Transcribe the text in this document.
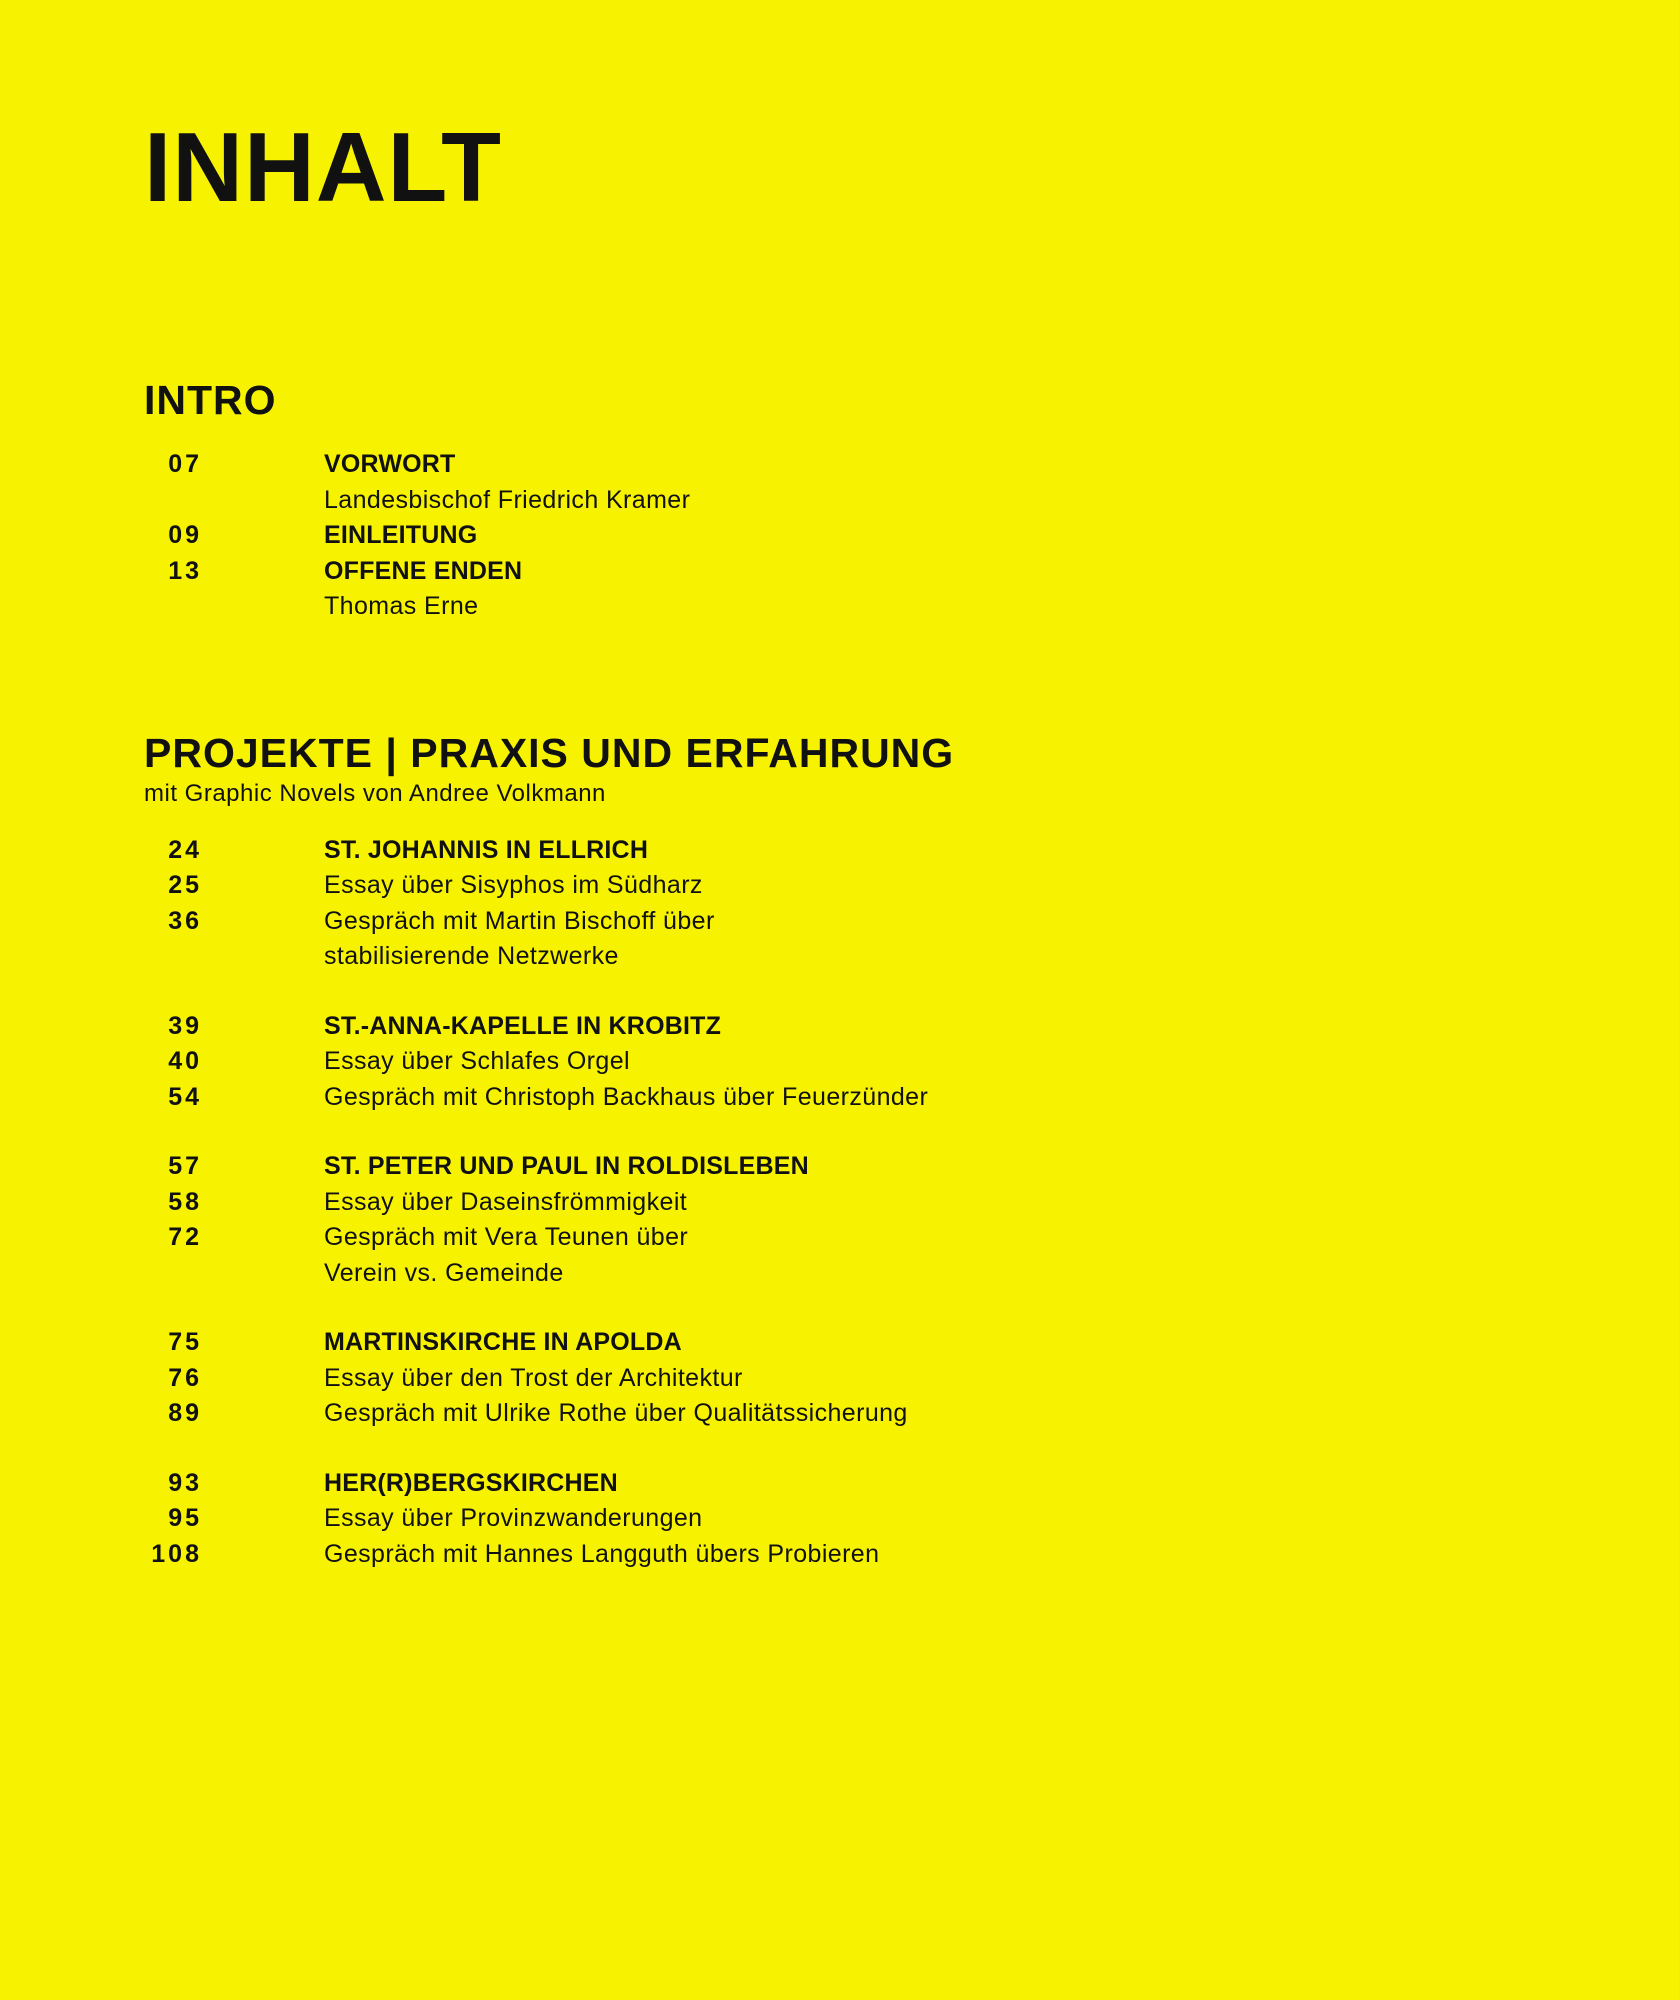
INHALT
INTRO
07	VORWORT
Landesbischof Friedrich Kramer
09	EINLEITUNG
13	OFFENE ENDEN
Thomas Erne
PROJEKTE | PRAXIS UND ERFAHRUNG

mit Graphic Novels von Andree Volkmann

24	ST. JOHANNIS IN ELLRICH
25	Essay über Sisyphos im Südharz
36	Gespräch mit Martin Bischoff über
stabilisierende Netzwerke
39	ST.-ANNA-KAPELLE IN KROBITZ
40	Essay über Schlafes Orgel
54	Gespräch mit Christoph Backhaus über Feuerzünder
57	ST. PETER UND PAUL IN ROLDISLEBEN
58	Essay über Daseinsfrömmigkeit
72	Gespräch mit Vera Teunen über
Verein vs. Gemeinde
75	MARTINSKIRCHE IN APOLDA
76	Essay über den Trost der Architektur
89	Gespräch mit Ulrike Rothe über Qualitätssicherung
93	HER(R)BERGSKIRCHEN
95	Essay über Provinzwanderungen
108	Gespräch mit Hannes Langguth übers Probieren
